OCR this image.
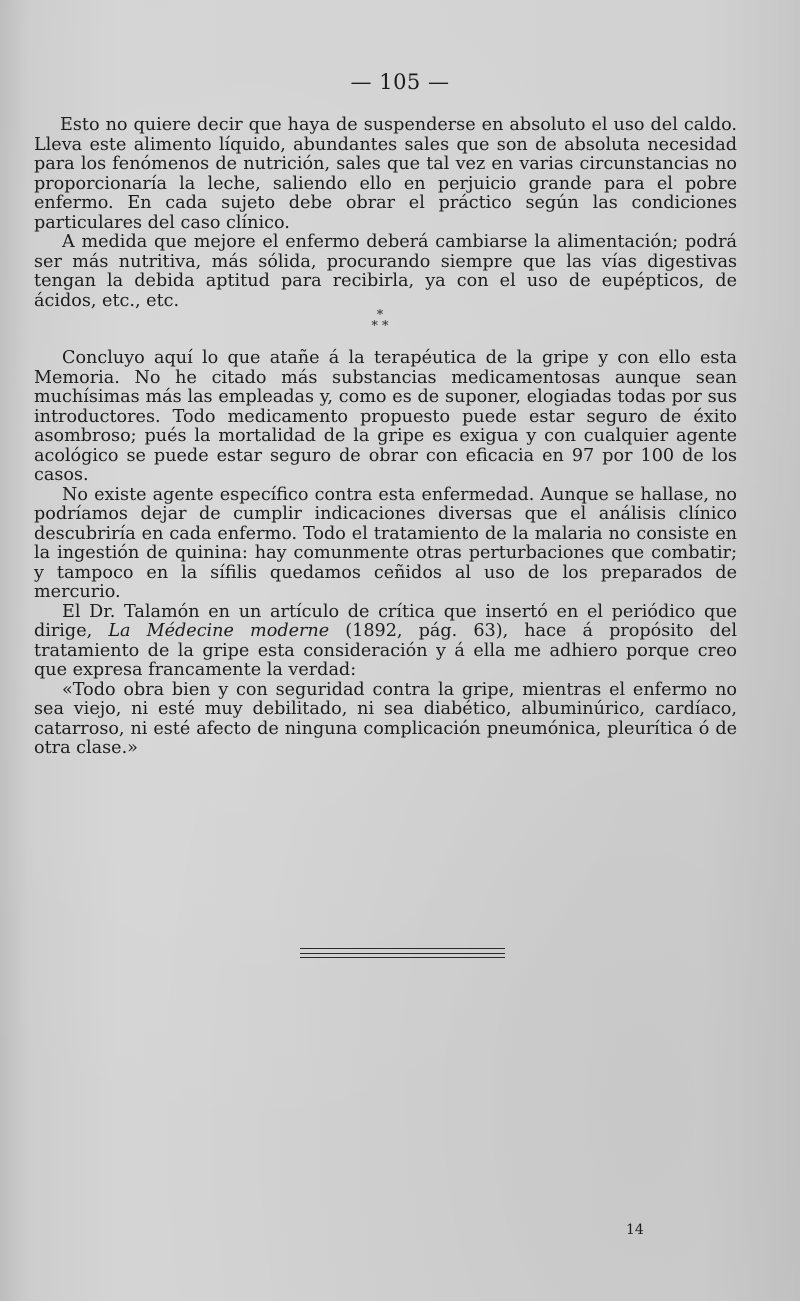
— 105 —

Esto no quiere decir que haya de suspenderse en absoluto el uso del caldo. Lleva este alimento líquido, abundantes sales que son de absoluta necesidad para los fenómenos de nutrición, sales que tal vez en varias circunstancias no proporcionaría la leche, saliendo ello en perjuicio grande para el pobre enfermo. En cada sujeto debe obrar el práctico según las condiciones particulares del caso clínico.

A medida que mejore el enfermo deberá cambiarse la alimentación; podrá ser más nutritiva, más sólida, procurando siempre que las vías digestivas tengan la debida aptitud para recibirla, ya con el uso de eupépticos, de ácidos, etc., etc.

*
* *

Concluyo aquí lo que atañe á la terapéutica de la gripe y con ello esta Memoria. No he citado más substancias medicamentosas aunque sean muchísimas más las empleadas y, como es de suponer, elogiadas todas por sus introductores. Todo medicamento propuesto puede estar seguro de éxito asombroso; pués la mortalidad de la gripe es exigua y con cualquier agente acológico se puede estar seguro de obrar con eficacia en 97 por 100 de los casos.

No existe agente específico contra esta enfermedad. Aunque se hallase, no podríamos dejar de cumplir indicaciones diversas que el análisis clínico descubriría en cada enfermo. Todo el tratamiento de la malaria no consiste en la ingestión de quinina: hay comunmente otras perturbaciones que combatir; y tampoco en la sífilis quedamos ceñidos al uso de los preparados de mercurio.

El Dr. Talamón en un artículo de crítica que insertó en el periódico que dirige, La Médecine moderne (1892, pág. 63), hace á propósito del tratamiento de la gripe esta consideración y á ella me adhiero porque creo que expresa francamente la verdad:

«Todo obra bien y con seguridad contra la gripe, mientras el enfermo no sea viejo, ni esté muy debilitado, ni sea diabético, albuminúrico, cardíaco, catarroso, ni esté afecto de ninguna complicación pneumónica, pleurítica ó de otra clase.»

14
